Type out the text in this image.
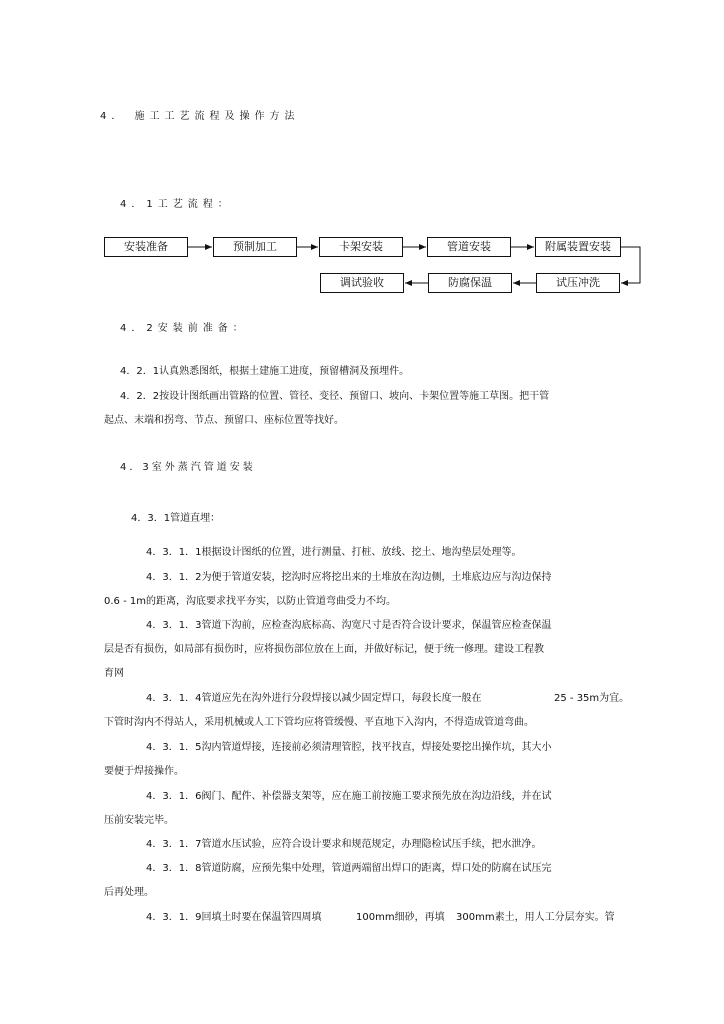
4． 施工工艺流程及操作方法
4．1工艺流程：
安装准备	预制加工	卡架安装	管道安装	附属装置安装
调试验收	防腐保温	试压冲洗
4．2安装前准备：
4．2．1认真熟悉图纸，根据土建施工进度，预留槽洞及预埋件。
4．2．2按设计图纸画出管路的位置、管径、变径、预留口、坡向、卡架位置等施工草图。把干管
起点、末端和拐弯、节点、预留口、座标位置等找好。
4．3室外蒸汽管道安装
4．3．1管道直埋：
4．3．1．1根据设计图纸的位置，进行测量、打桩、放线、挖土、地沟垫层处理等。
4．3．1．2为便于管道安装，挖沟时应将挖出来的土堆放在沟边侧，土堆底边应与沟边保持
0.6 - 1m的距离，沟底要求找平夯实，以防止管道弯曲受力不均。
4．3．1．3管道下沟前，应检查沟底标高、沟宽尺寸是否符合设计要求，保温管应检查保温
层是否有损伤，如局部有损伤时，应将损伤部位放在上面，并做好标记，便于统一修理。建设工程教
育网
4．3．1．4管道应先在沟外进行分段焊接以减少固定焊口，每段长度一般在	25 - 35m为宜。
下管时沟内不得站人，采用机械或人工下管均应将管缓慢、平直地下入沟内，不得造成管道弯曲。
4．3．1．5沟内管道焊接，连接前必须清理管腔，找平找直，焊接处要挖出操作坑，其大小
要便于焊接操作。
4．3．1．6阀门、配件、补偿器支架等，应在施工前按施工要求预先放在沟边沿线，并在试
压前安装完毕。
4．3．1．7管道水压试验，应符合设计要求和规范规定，办理隐检试压手续，把水泄净。
4．3．1．8管道防腐，应预先集中处理，管道两端留出焊口的距离，焊口处的防腐在试压完
后再处理。
4．3．1．9回填土时要在保温管四周填	100mm细砂，再填 300mm素土，用人工分层夯实。管
